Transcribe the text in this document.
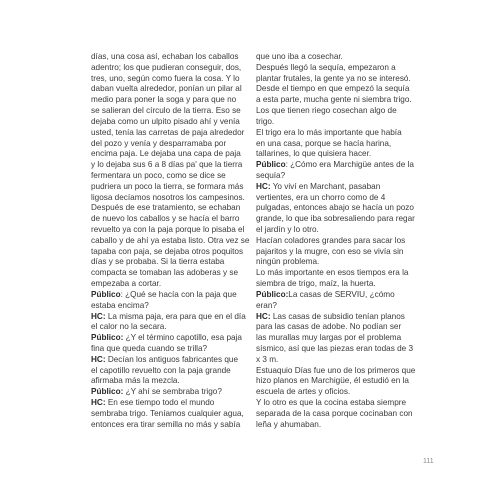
días, una cosa así, echaban los caballos
adentro; los que pudieran conseguir, dos,
tres, uno, según como fuera la cosa. Y lo
daban vuelta alrededor, ponían un pilar al
medio para poner la soga y para que no
se salieran del círculo de la tierra. Eso se
dejaba como un ulpito pisado ahí y venía
usted, tenía las carretas de paja alrededor
del pozo y venía y desparramaba por
encima paja. Le dejaba una capa de paja
y lo dejaba sus 6 a 8 días pa' que la tierra
fermentara un poco, como se dice se
pudriera un poco la tierra, se formara más
ligosa decíamos nosotros los campesinos.
Después de ese tratamiento, se echaban
de nuevo los caballos y se hacía el barro
revuelto ya con la paja porque lo pisaba el
caballo y de ahí ya estaba listo. Otra vez se
tapaba con paja, se dejaba otros poquitos
días y se probaba. Si la tierra estaba
compacta se tomaban las adoberas y se
empezaba a cortar.
Público: ¿Qué se hacía con la paja que
estaba encima?
HC: La misma paja, era para que en el día
el calor no la secara.
Público: ¿Y el término capotillo, esa paja
fina que queda cuando se trilla?
HC: Decían los antiguos fabricantes que
el capotillo revuelto con la paja grande
afirmaba más la mezcla.
Público: ¿Y ahí se sembraba trigo?
HC: En ese tiempo todo el mundo
sembraba trigo. Teníamos cualquier agua,
entonces era tirar semilla no más y sabía
que uno iba a cosechar.
Después llegó la sequía, empezaron a
plantar frutales, la gente ya no se interesó.
Desde el tiempo en que empezó la sequía
a esta parte, mucha gente ni siembra trigo.
Los que tienen riego cosechan algo de
trigo.
El trigo era lo más importante que había
en una casa, porque se hacía harina,
tallarines, lo que quisiera hacer.
Público: ¿Cómo era Marchigüe antes de la
sequía?
HC: Yo viví en Marchant, pasaban
vertientes, era un chorro como de 4
pulgadas, entonces abajo se hacía un pozo
grande, lo que iba sobresaliendo para regar
el jardín y lo otro.
Hacían coladores grandes para sacar los
pajaritos y la mugre, con eso se vivía sin
ningún problema.
Lo más importante en esos tiempos era la
siembra de trigo, maíz, la huerta.
Público:La casas de SERVIU, ¿cómo
eran?
HC: Las casas de subsidio tenían planos
para las casas de adobe. No podían ser
las murallas muy largas por el problema
sísmico, así que las piezas eran todas de 3
x 3 m.
Estuaquio Días fue uno de los primeros que
hizo planos en Marchigüe, él estudió en la
escuela de artes y oficios.
Y lo otro es que la cocina estaba siempre
separada de la casa porque cocinaban con
leña y ahumaban.
111
